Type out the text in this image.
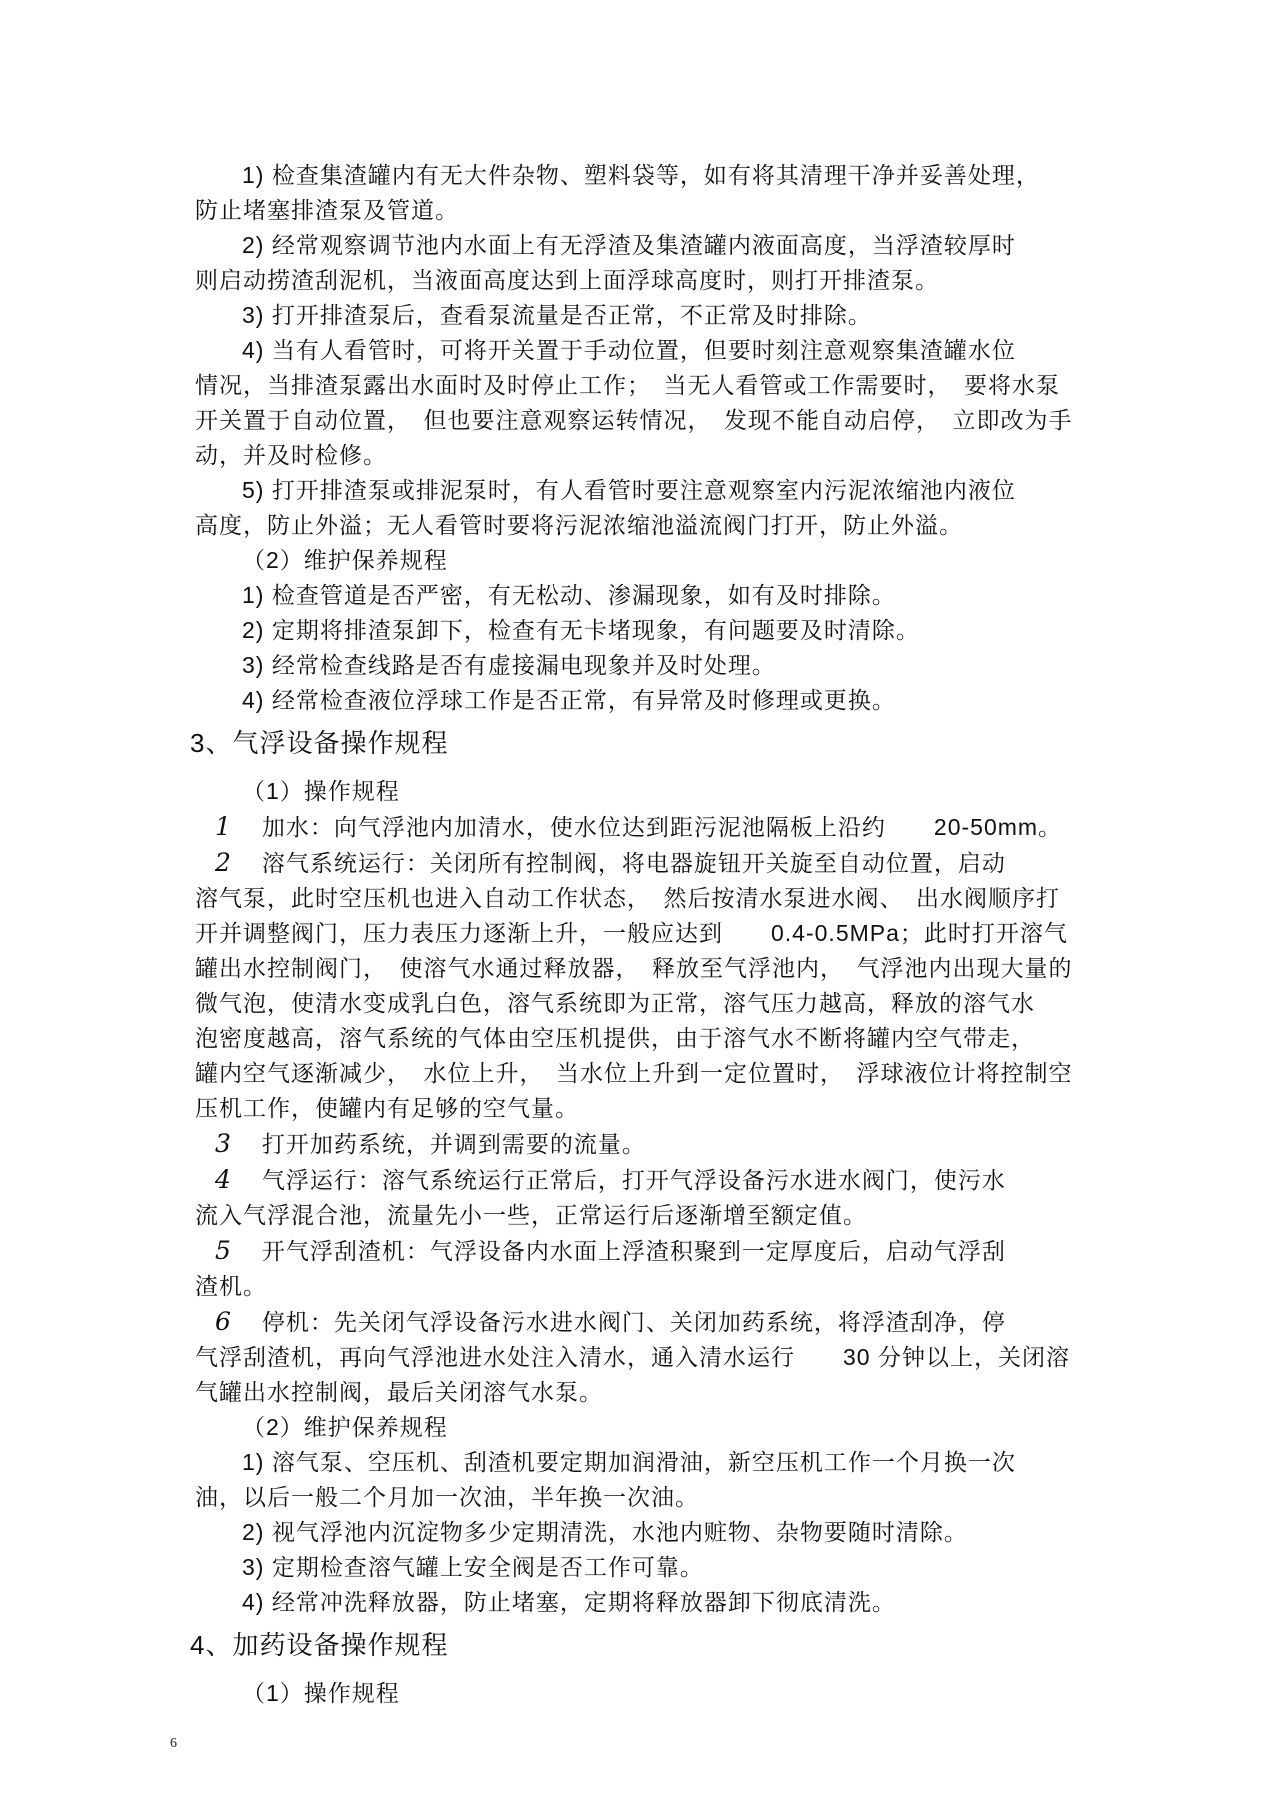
1) 检查集渣罐内有无大件杂物、塑料袋等，如有将其清理干净并妥善处理，
防止堵塞排渣泵及管道。
2) 经常观察调节池内水面上有无浮渣及集渣罐内液面高度，当浮渣较厚时
则启动捞渣刮泥机，当液面高度达到上面浮球高度时，则打开排渣泵。
3) 打开排渣泵后，查看泵流量是否正常，不正常及时排除。
4) 当有人看管时，可将开关置于手动位置，但要时刻注意观察集渣罐水位
情况，当排渣泵露出水面时及时停止工作；　当无人看管或工作需要时，　要将水泵
开关置于自动位置，　但也要注意观察运转情况，　发现不能自动启停，　立即改为手
动，并及时检修。
5) 打开排渣泵或排泥泵时，有人看管时要注意观察室内污泥浓缩池内液位
高度，防止外溢；无人看管时要将污泥浓缩池溢流阀门打开，防止外溢。
（2）维护保养规程
1) 检查管道是否严密，有无松动、渗漏现象，如有及时排除。
2) 定期将排渣泵卸下，检查有无卡堵现象，有问题要及时清除。
3) 经常检查线路是否有虚接漏电现象并及时处理。
4) 经常检查液位浮球工作是否正常，有异常及时修理或更换。
3、气浮设备操作规程
（1）操作规程
1 加水：向气浮池内加清水，使水位达到距污泥池隔板上沿约　　20-50mm。
2 溶气系统运行：关闭所有控制阀，将电器旋钮开关旋至自动位置，启动
溶气泵，此时空压机也进入自动工作状态，　然后按清水泵进水阀、　出水阀顺序打
开并调整阀门，压力表压力逐渐上升，一般应达到　　0.4-0.5MPa；此时打开溶气
罐出水控制阀门，　使溶气水通过释放器，　释放至气浮池内，　气浮池内出现大量的
微气泡，使清水变成乳白色，溶气系统即为正常，溶气压力越高，释放的溶气水
泡密度越高，溶气系统的气体由空压机提供，由于溶气水不断将罐内空气带走，
罐内空气逐渐减少，　水位上升，　当水位上升到一定位置时，　浮球液位计将控制空
压机工作，使罐内有足够的空气量。
3 打开加药系统，并调到需要的流量。
4 气浮运行：溶气系统运行正常后，打开气浮设备污水进水阀门，使污水
流入气浮混合池，流量先小一些，正常运行后逐渐增至额定值。
5 开气浮刮渣机：气浮设备内水面上浮渣积聚到一定厚度后，启动气浮刮
渣机。
6 停机：先关闭气浮设备污水进水阀门、关闭加药系统，将浮渣刮净，停
气浮刮渣机，再向气浮池进水处注入清水，通入清水运行　　30 分钟以上，关闭溶
气罐出水控制阀，最后关闭溶气水泵。
（2）维护保养规程
1) 溶气泵、空压机、刮渣机要定期加润滑油，新空压机工作一个月换一次
油，以后一般二个月加一次油，半年换一次油。
2) 视气浮池内沉淀物多少定期清洗，水池内赃物、杂物要随时清除。
3) 定期检查溶气罐上安全阀是否工作可靠。
4) 经常冲洗释放器，防止堵塞，定期将释放器卸下彻底清洗。
4、加药设备操作规程
（1）操作规程
6
